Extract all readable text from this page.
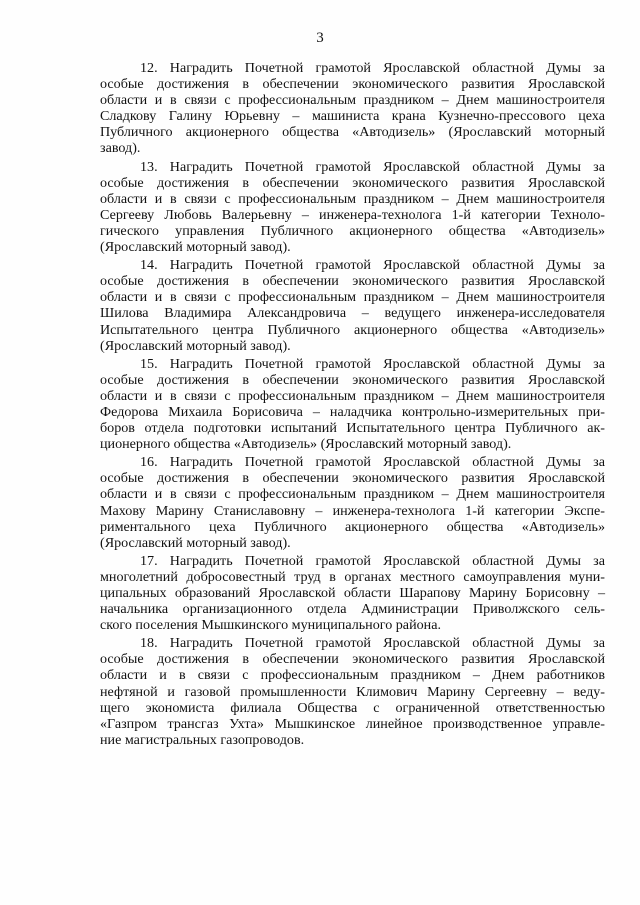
3
12. Наградить Почетной грамотой Ярославской областной Думы за
особые достижения в обеспечении экономического развития Ярославской
области и в связи с профессиональным праздником – Днем машиностроителя
Сладкову Галину Юрьевну – машиниста крана Кузнечно-прессового цеха
Публичного акционерного общества «Автодизель» (Ярославский моторный
завод).
13. Наградить Почетной грамотой Ярославской областной Думы за
особые достижения в обеспечении экономического развития Ярославской
области и в связи с профессиональным праздником – Днем машиностроителя
Сергееву Любовь Валерьевну – инженера-технолога 1-й категории Техноло-
гического управления Публичного акционерного общества «Автодизель»
(Ярославский моторный завод).
14. Наградить Почетной грамотой Ярославской областной Думы за
особые достижения в обеспечении экономического развития Ярославской
области и в связи с профессиональным праздником – Днем машиностроителя
Шилова Владимира Александровича – ведущего инженера-исследователя
Испытательного центра Публичного акционерного общества «Автодизель»
(Ярославский моторный завод).
15. Наградить Почетной грамотой Ярославской областной Думы за
особые достижения в обеспечении экономического развития Ярославской
области и в связи с профессиональным праздником – Днем машиностроителя
Федорова Михаила Борисовича – наладчика контрольно-измерительных при-
боров отдела подготовки испытаний Испытательного центра Публичного ак-
ционерного общества «Автодизель» (Ярославский моторный завод).
16. Наградить Почетной грамотой Ярославской областной Думы за
особые достижения в обеспечении экономического развития Ярославской
области и в связи с профессиональным праздником – Днем машиностроителя
Махову Марину Станиславовну – инженера-технолога 1-й категории Экспе-
риментального цеха Публичного акционерного общества «Автодизель»
(Ярославский моторный завод).
17. Наградить Почетной грамотой Ярославской областной Думы за
многолетний добросовестный труд в органах местного самоуправления муни-
ципальных образований Ярославской области Шарапову Марину Борисовну –
начальника организационного отдела Администрации Приволжского сель-
ского поселения Мышкинского муниципального района.
18. Наградить Почетной грамотой Ярославской областной Думы за
особые достижения в обеспечении экономического развития Ярославской
области и в связи с профессиональным праздником – Днем работников
нефтяной и газовой промышленности Климович Марину Сергеевну – веду-
щего экономиста филиала Общества с ограниченной ответственностью
«Газпром трансгаз Ухта» Мышкинское линейное производственное управле-
ние магистральных газопроводов.
